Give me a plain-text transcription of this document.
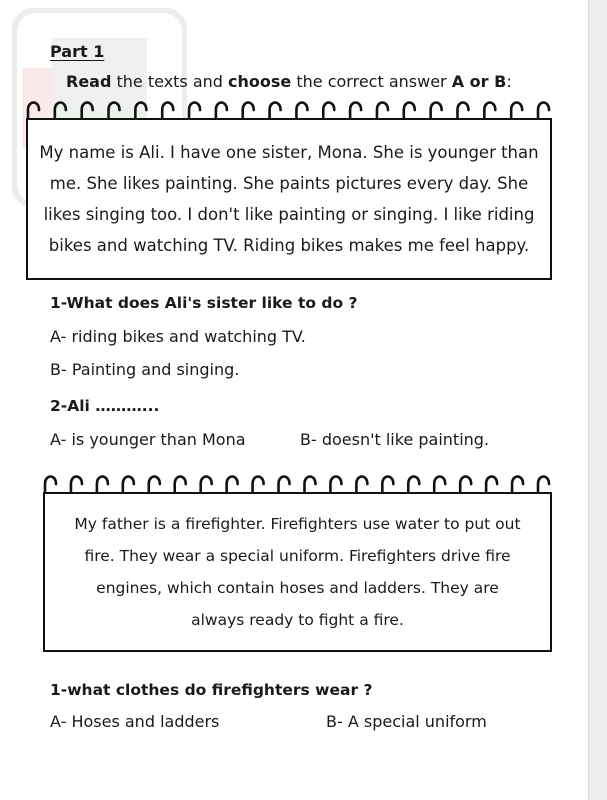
Part 1
Read the texts and choose the correct answer A or B:

My name is Ali. I have one sister, Mona. She is younger than

me. She likes painting. She paints pictures every day. She

likes singing too. I don't like painting or singing. I like riding

bikes and watching TV. Riding bikes makes me feel happy.

1-What does Ali's sister like to do ?
A- riding bikes and watching TV.
B- Painting and singing.
2-Ali ………...
A- is younger than Mona	B- doesn't like painting.

My father is a firefighter. Firefighters use water to put out

fire. They wear a special uniform. Firefighters drive fire

engines, which contain hoses and ladders. They are

always ready to fight a fire.

1-what clothes do firefighters wear ?
A- Hoses and ladders	B- A special uniform
